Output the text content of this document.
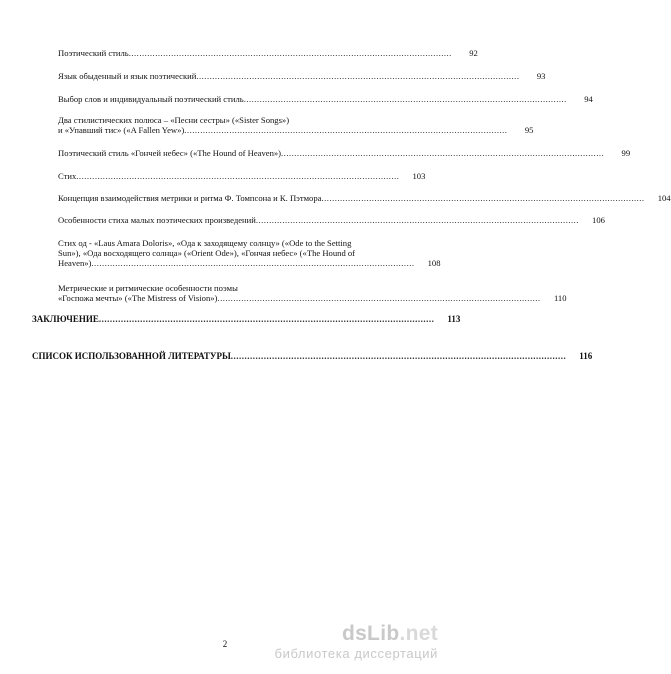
Поэтический стиль ..........................................................................................................................	92
Язык обыденный и язык поэтический ..........................................................................................................................	93
Выбор слов и индивидуальный поэтический стиль ..........................................................................................................................	94
Два стилистических полюса – «Песни сестры» («Sister Songs»)
и «Упавший тис» («A Fallen Yew») ..........................................................................................................................	95
Поэтический стиль «Гончей небес» («The Hound of Heaven») ..........................................................................................................................	99
Стих ..........................................................................................................................	103
Концепция взаимодействия метрики и ритма Ф. Томпсона и К. Пэтмора ..........................................................................................................................	104
Особенности стиха малых поэтических произведений ..........................................................................................................................	106
Стих од - «Laus Amara Doloris», «Ода к заходящему солнцу» («Ode to the Setting
Sun»), «Ода восходящего солнца» («Orient Ode»), «Гончая небес» («The Hound of
Heaven») ..........................................................................................................................	108
Метрические и ритмические особенности поэмы
«Госпожа мечты» («The Mistress of Vision») ..........................................................................................................................	110
ЗАКЛЮЧЕНИЕ ..........................................................................................................................	113
СПИСОК ИСПОЛЬЗОВАННОЙ ЛИТЕРАТУРЫ ..........................................................................................................................	116
2	dsLib.net
библиотека диссертаций
